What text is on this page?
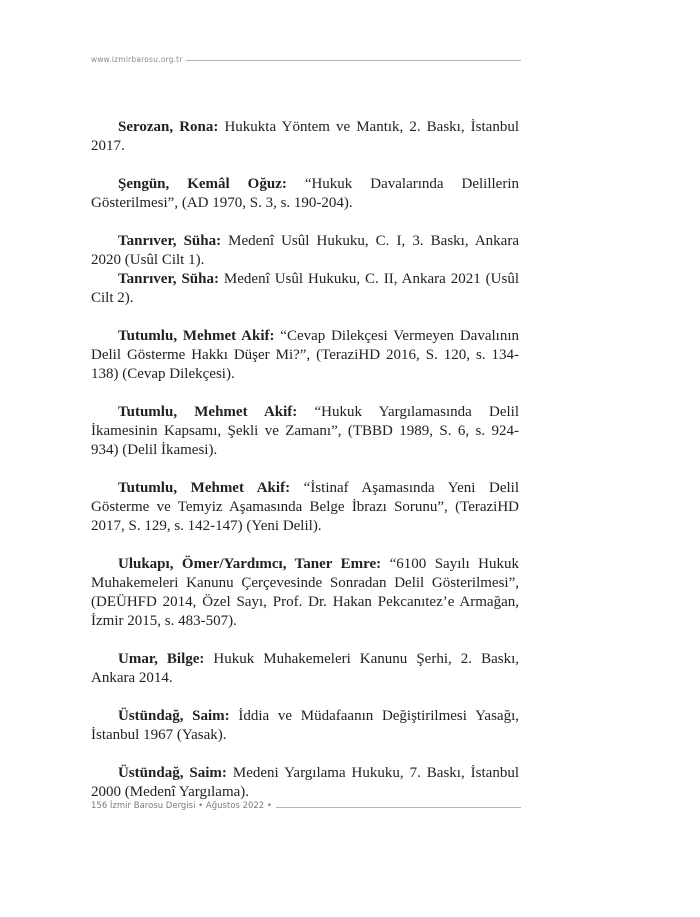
www.izmirbarosu.org.tr

Serozan, Rona: Hukukta Yöntem ve Mantık, 2. Baskı, İstanbul 2017.

Şengün, Kemâl Oğuz: “Hukuk Davalarında Delillerin Gösterilmesi”, (AD 1970, S. 3, s. 190-204).

Tanrıver, Süha: Medenî Usûl Hukuku, C. I, 3. Baskı, Ankara 2020 (Usûl Cilt 1).

Tanrıver, Süha: Medenî Usûl Hukuku, C. II, Ankara 2021 (Usûl Cilt 2).

Tutumlu, Mehmet Akif: “Cevap Dilekçesi Vermeyen Davalının Delil Gösterme Hakkı Düşer Mi?”, (TeraziHD 2016, S. 120, s. 134-138) (Cevap Dilekçesi).

Tutumlu, Mehmet Akif: “Hukuk Yargılamasında Delil İkamesinin Kapsamı, Şekli ve Zamanı”, (TBBD 1989, S. 6, s. 924-934) (Delil İkamesi).

Tutumlu, Mehmet Akif: “İstinaf Aşamasında Yeni Delil Gösterme ve Temyiz Aşamasında Belge İbrazı Sorunu”, (TeraziHD 2017, S. 129, s. 142-147) (Yeni Delil).

Ulukapı, Ömer/Yardımcı, Taner Emre: “6100 Sayılı Hukuk Muhakemeleri Kanunu Çerçevesinde Sonradan Delil Gösterilmesi”, (DEÜHFD 2014, Özel Sayı, Prof. Dr. Hakan Pekcanıtez’e Armağan, İzmir 2015, s. 483-507).

Umar, Bilge: Hukuk Muhakemeleri Kanunu Şerhi, 2. Baskı, Ankara 2014.

Üstündağ, Saim: İddia ve Müdafaanın Değiştirilmesi Yasağı, İstanbul 1967 (Yasak).

Üstündağ, Saim: Medeni Yargılama Hukuku, 7. Baskı, İstanbul 2000 (Medenî Yargılama).

156 İzmir Barosu Dergisi • Ağustos 2022 •
